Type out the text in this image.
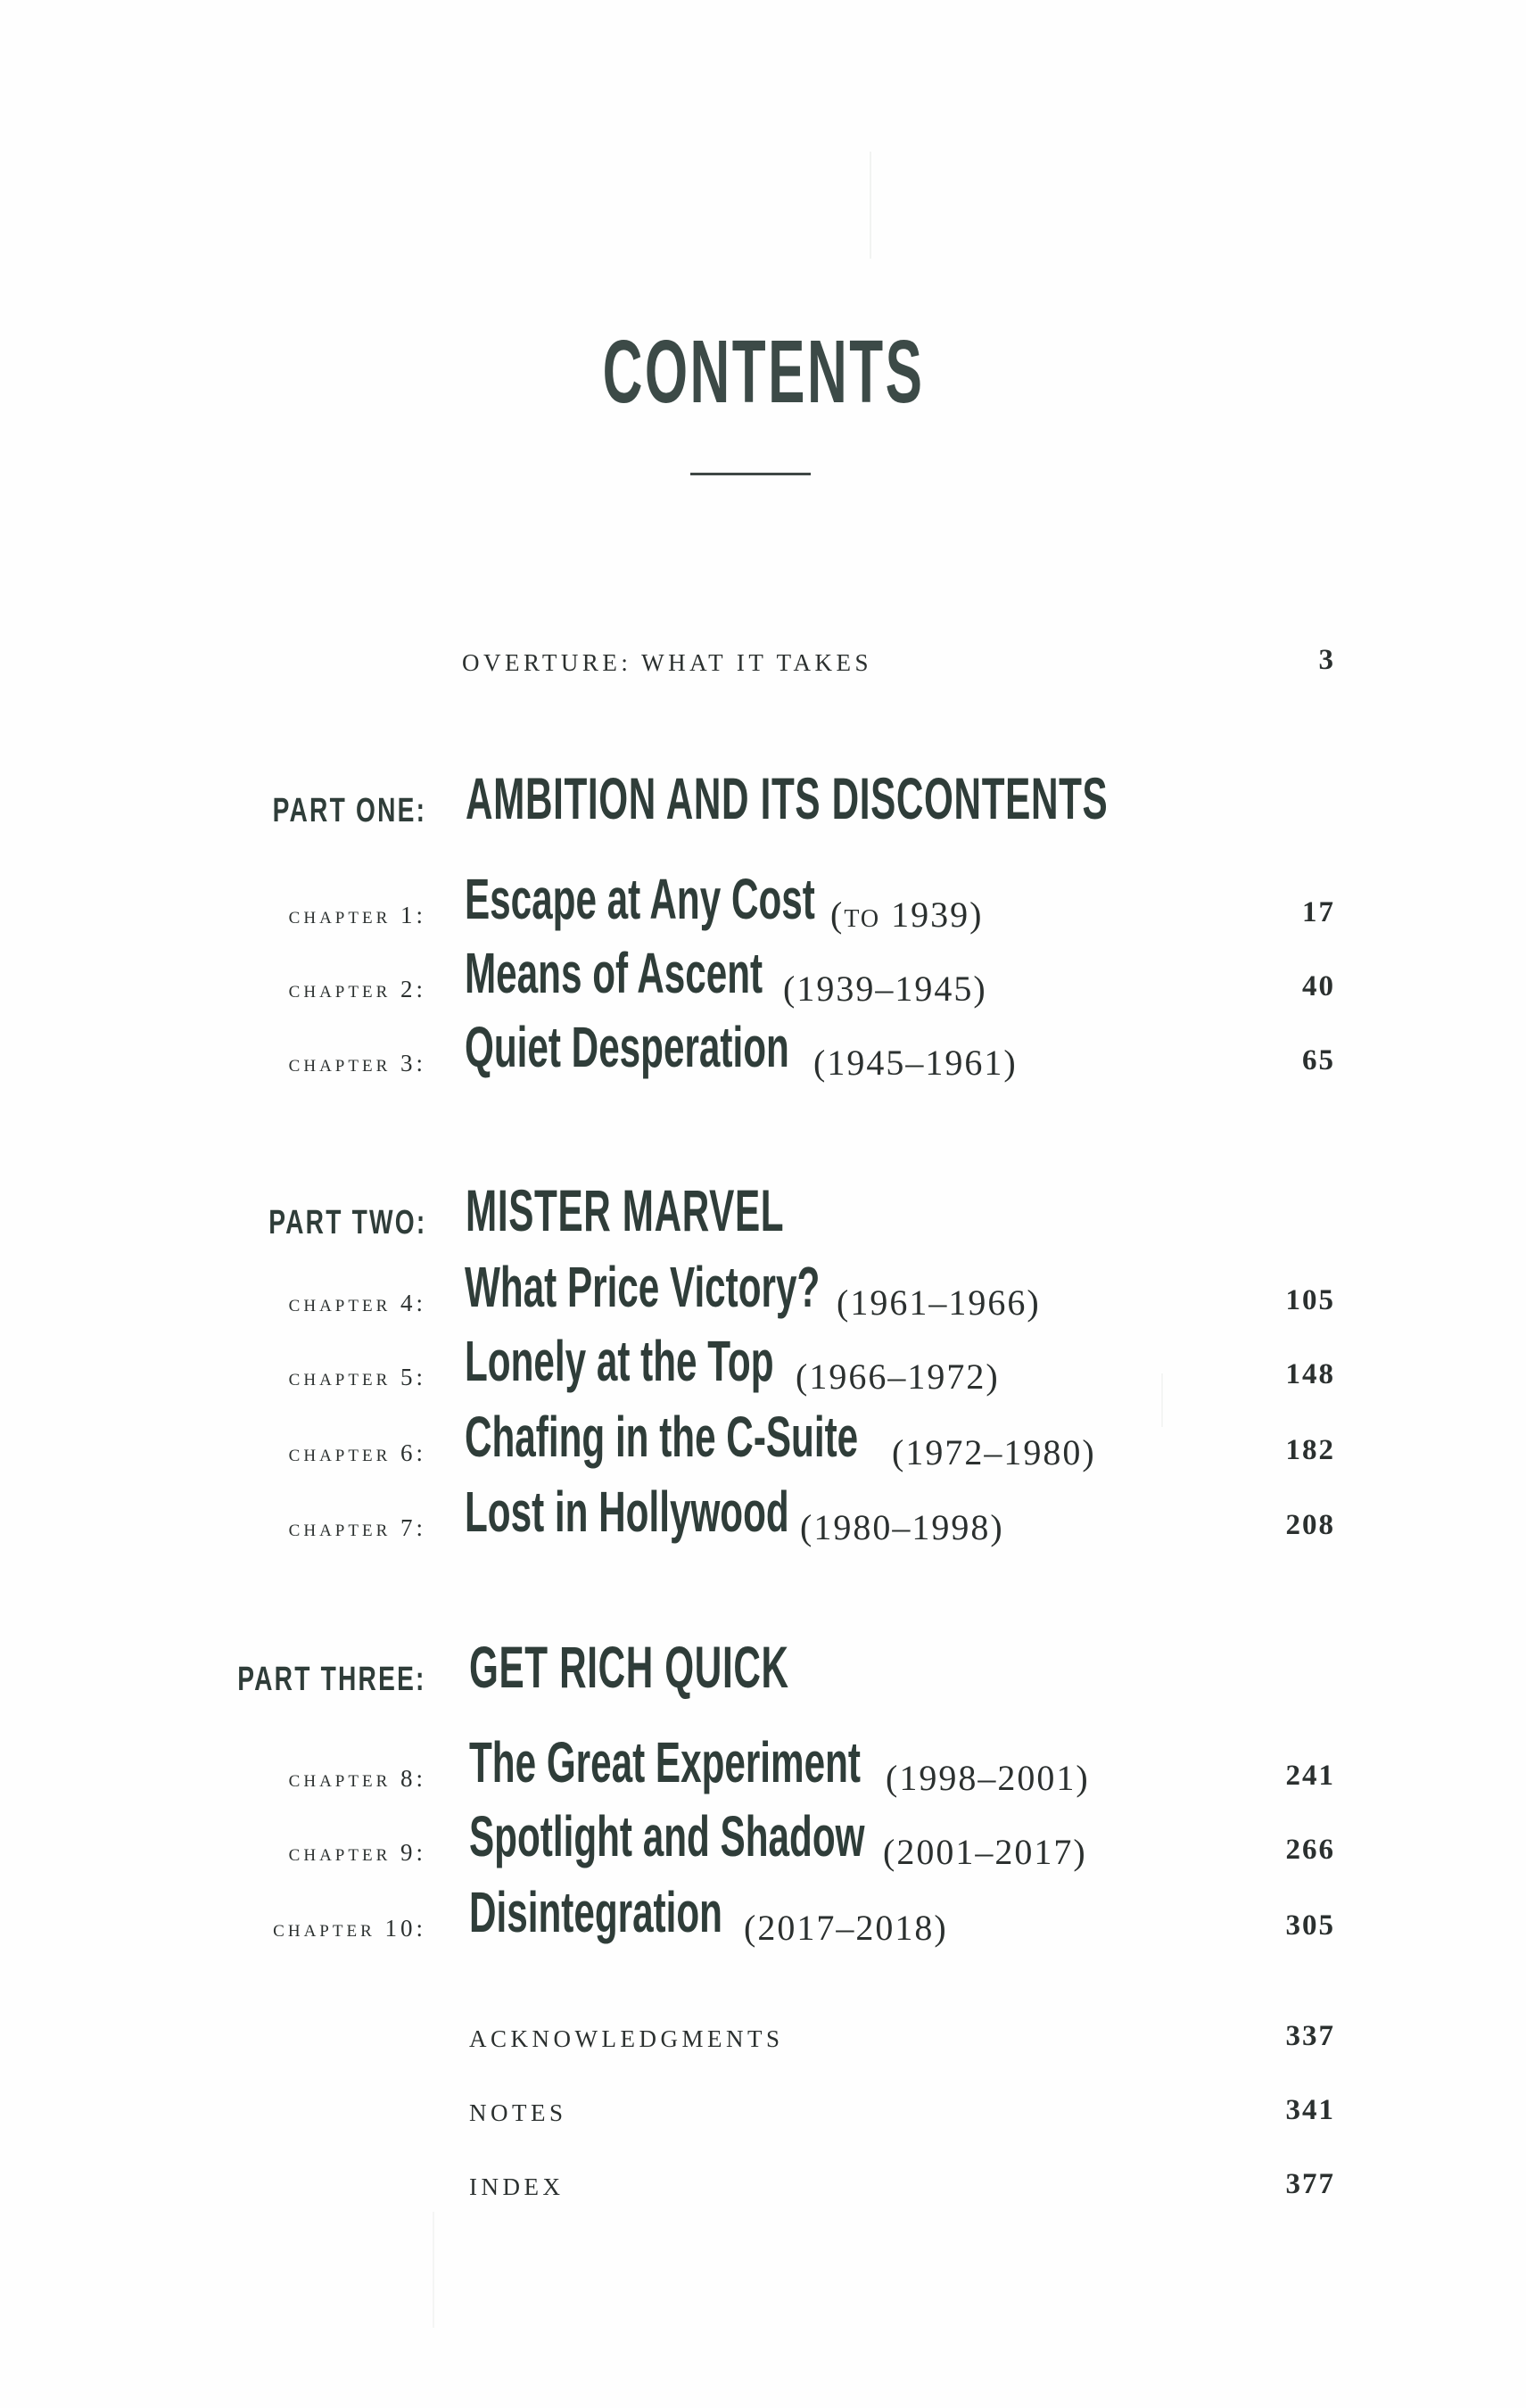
CONTENTS
OVERTURE: WHAT IT TAKES	3
PART ONE: AMBITION AND ITS DISCONTENTS
chapter 1: Escape at Any Cost (to 1939)	17
chapter 2: Means of Ascent (1939–1945)	40
chapter 3: Quiet Desperation (1945–1961)	65
PART TWO: MISTER MARVEL
chapter 4: What Price Victory? (1961–1966)	105
chapter 5: Lonely at the Top (1966–1972)	148
chapter 6: Chafing in the C-Suite (1972–1980)	182
chapter 7: Lost in Hollywood (1980–1998)	208
PART THREE: GET RICH QUICK
chapter 8: The Great Experiment (1998–2001)	241
chapter 9: Spotlight and Shadow (2001–2017)	266
chapter 10: Disintegration (2017–2018)	305
ACKNOWLEDGMENTS	337
NOTES	341
INDEX	377
